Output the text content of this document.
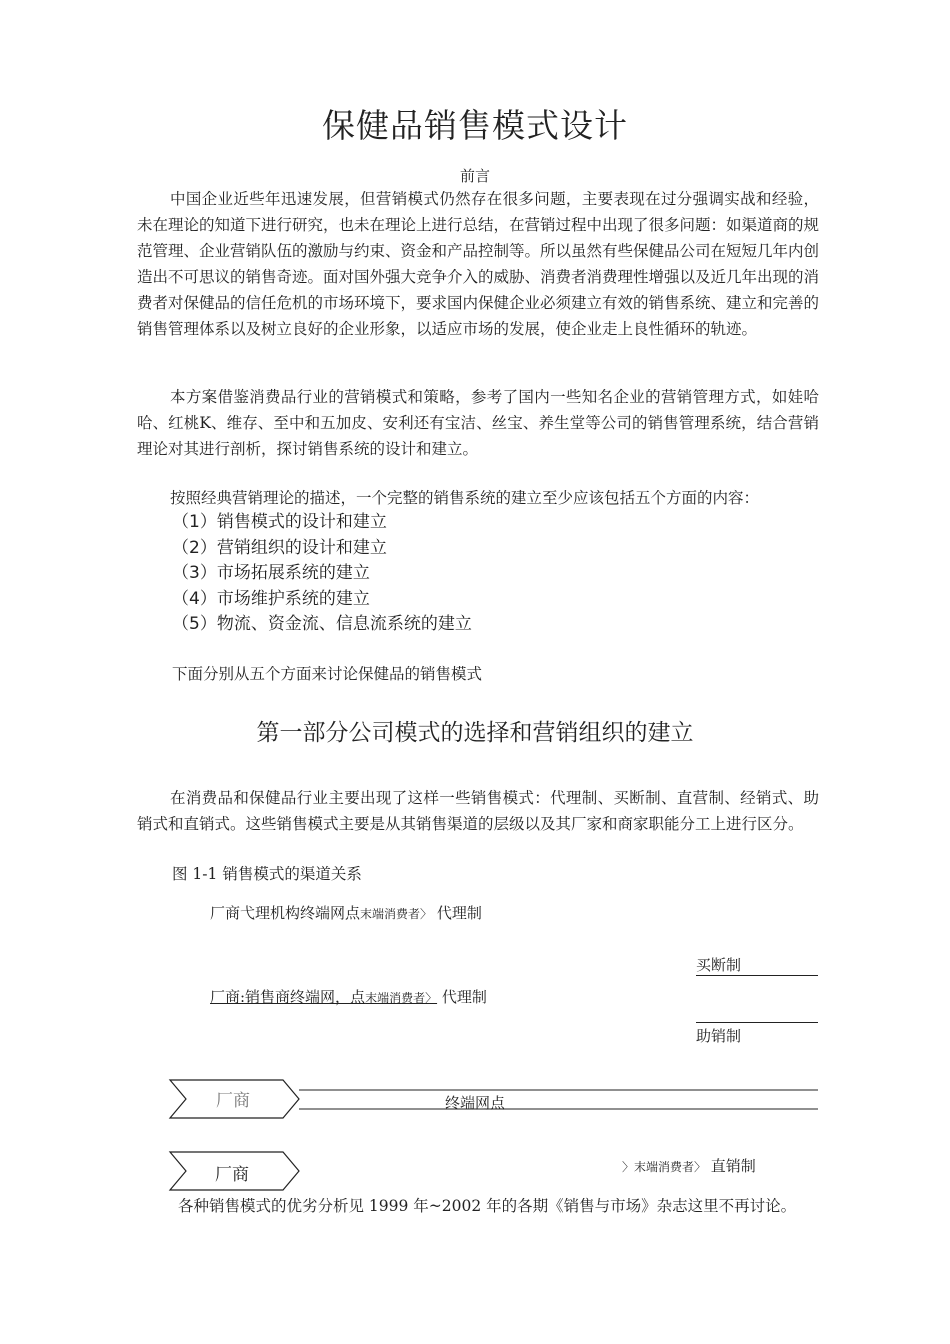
保健品销售模式设计
前言
中国企业近些年迅速发展，但营销模式仍然存在很多问题，主要表现在过分强调实战和经验，未在理论的知道下进行研究，也未在理论上进行总结，在营销过程中出现了很多问题：如渠道商的规范管理、企业营销队伍的激励与约束、资金和产品控制等。所以虽然有些保健品公司在短短几年内创造出不可思议的销售奇迹。面对国外强大竞争介入的威胁、消费者消费理性增强以及近几年出现的消费者对保健品的信任危机的市场环境下，要求国内保健企业必须建立有效的销售系统、建立和完善的销售管理体系以及树立良好的企业形象，以适应市场的发展，使企业走上良性循环的轨迹。
本方案借鉴消费品行业的营销模式和策略，参考了国内一些知名企业的营销管理方式，如娃哈哈、红桃K、维存、至中和五加皮、安利还有宝洁、丝宝、养生堂等公司的销售管理系统，结合营销理论对其进行剖析，探讨销售系统的设计和建立。
按照经典营销理论的描述，一个完整的销售系统的建立至少应该包括五个方面的内容：
（1）销售模式的设计和建立
（2）营销组织的设计和建立
（3）市场拓展系统的建立
（4）市场维护系统的建立
（5）物流、资金流、信息流系统的建立
下面分别从五个方面来讨论保健品的销售模式
第一部分公司模式的选择和营销组织的建立
在消费品和保健品行业主要出现了这样一些销售模式：代理制、买断制、直营制、经销式、助销式和直销式。这些销售模式主要是从其销售渠道的层级以及其厂家和商家职能分工上进行区分。
图 1-1 销售模式的渠道关系
厂商弋理机构终端网点末端消费者〉 代理制
买断制
厂商:销售商终端网，点末端消费者〉 代理制
助销制
厂商	终端网点
厂商	〉末端消费者〉 直销制
各种销售模式的优劣分析见 1999 年~2002 年的各期《销售与市场》杂志这里不再讨论。
